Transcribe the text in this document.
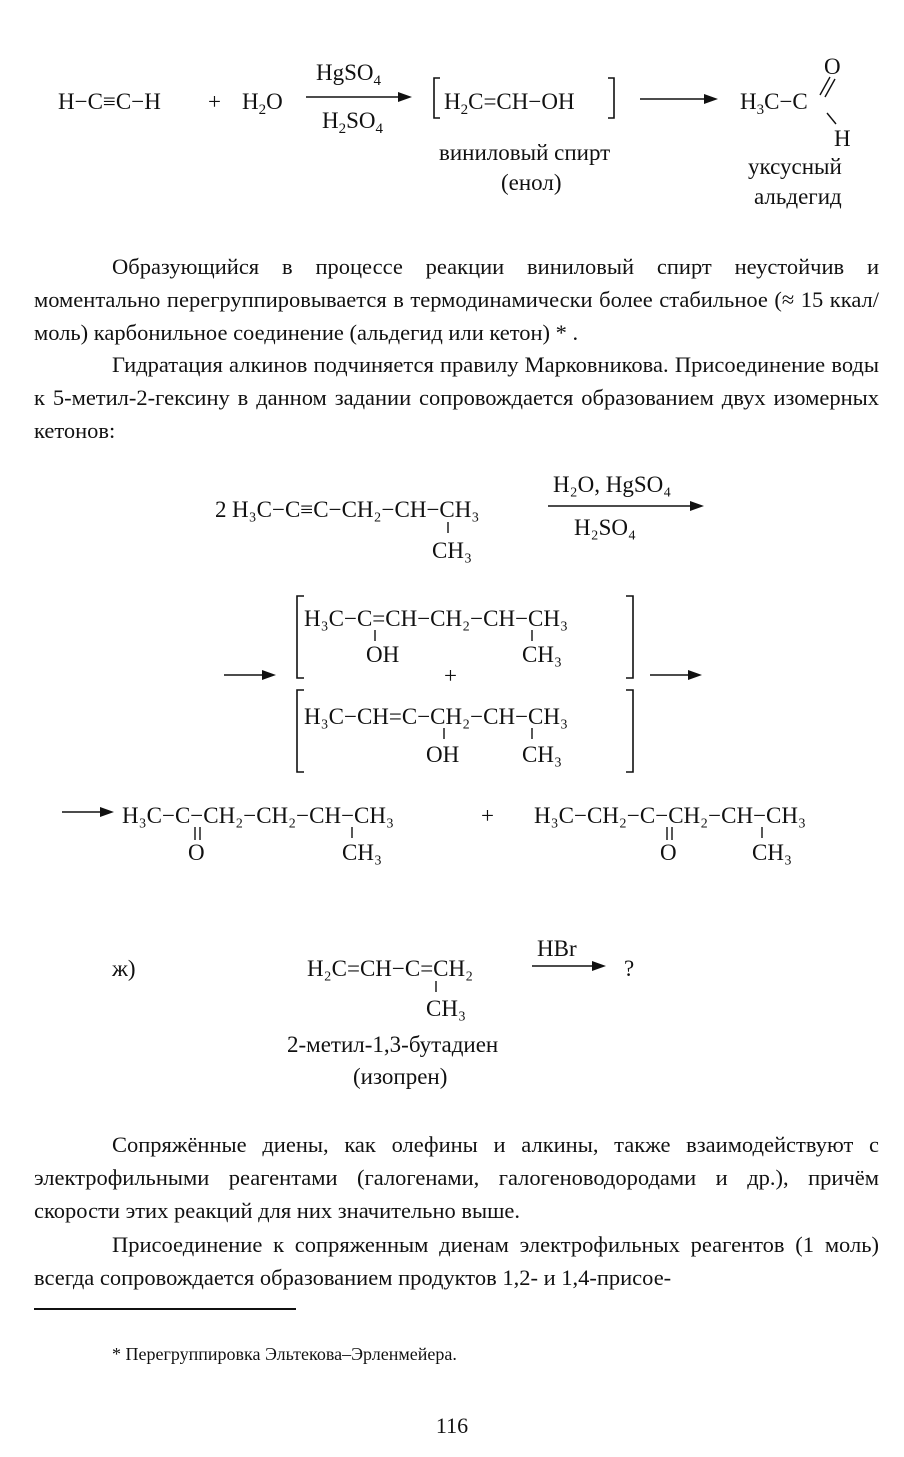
$H-C\equiv C-H + H_2O$
HgSO$_4$
$H_2SO_4$
$H_2C=CH-OH$
виниловый спирт
(енол)
$H_3C-C$
O
H
уксусный
альдегид
2 H₃C−C≡C−CH₂−CH−CH₃
CH₃
H₂O, HgSO₄
H₂SO₄
H₃C−C=CH−CH₂−CH−CH₃
OH	CH₃
+
H₃C−CH=C−CH₂−CH−CH₃
OH	CH₃
H₃C−C−CH₂−CH₂−CH−CH₃
O	CH₃
+ H₃C−CH₂−C−CH₂−CH−CH₃
O	CH₃
ж)	H₂C=CH−C=CH₂
CH₃
HBr
?
2-метил-1,3-бутадиен
(изопрен)

Образующийся в процессе реакции виниловый спирт неустойчив и моментально перегруппировывается в термодинамически более стабильное (≈ 15 ккал/моль) карбонильное соединение (альдегид или кетон) * .

Гидратация алкинов подчиняется правилу Марковникова. Присоединение воды к 5-метил-2-гексину в данном задании сопровождается образованием двух изомерных кетонов:

Сопряжённые диены, как олефины и алкины, также взаимодействуют с электрофильными реагентами (галогенами, галогеноводородами и др.), причём скорости этих реакций для них значительно выше.

Присоединение к сопряженным диенам электрофильных реагентов (1 моль) всегда сопровождается образованием продуктов 1,2- и 1,4-присое-

* Перегруппировка Эльтекова–Эрленмейера.
116
